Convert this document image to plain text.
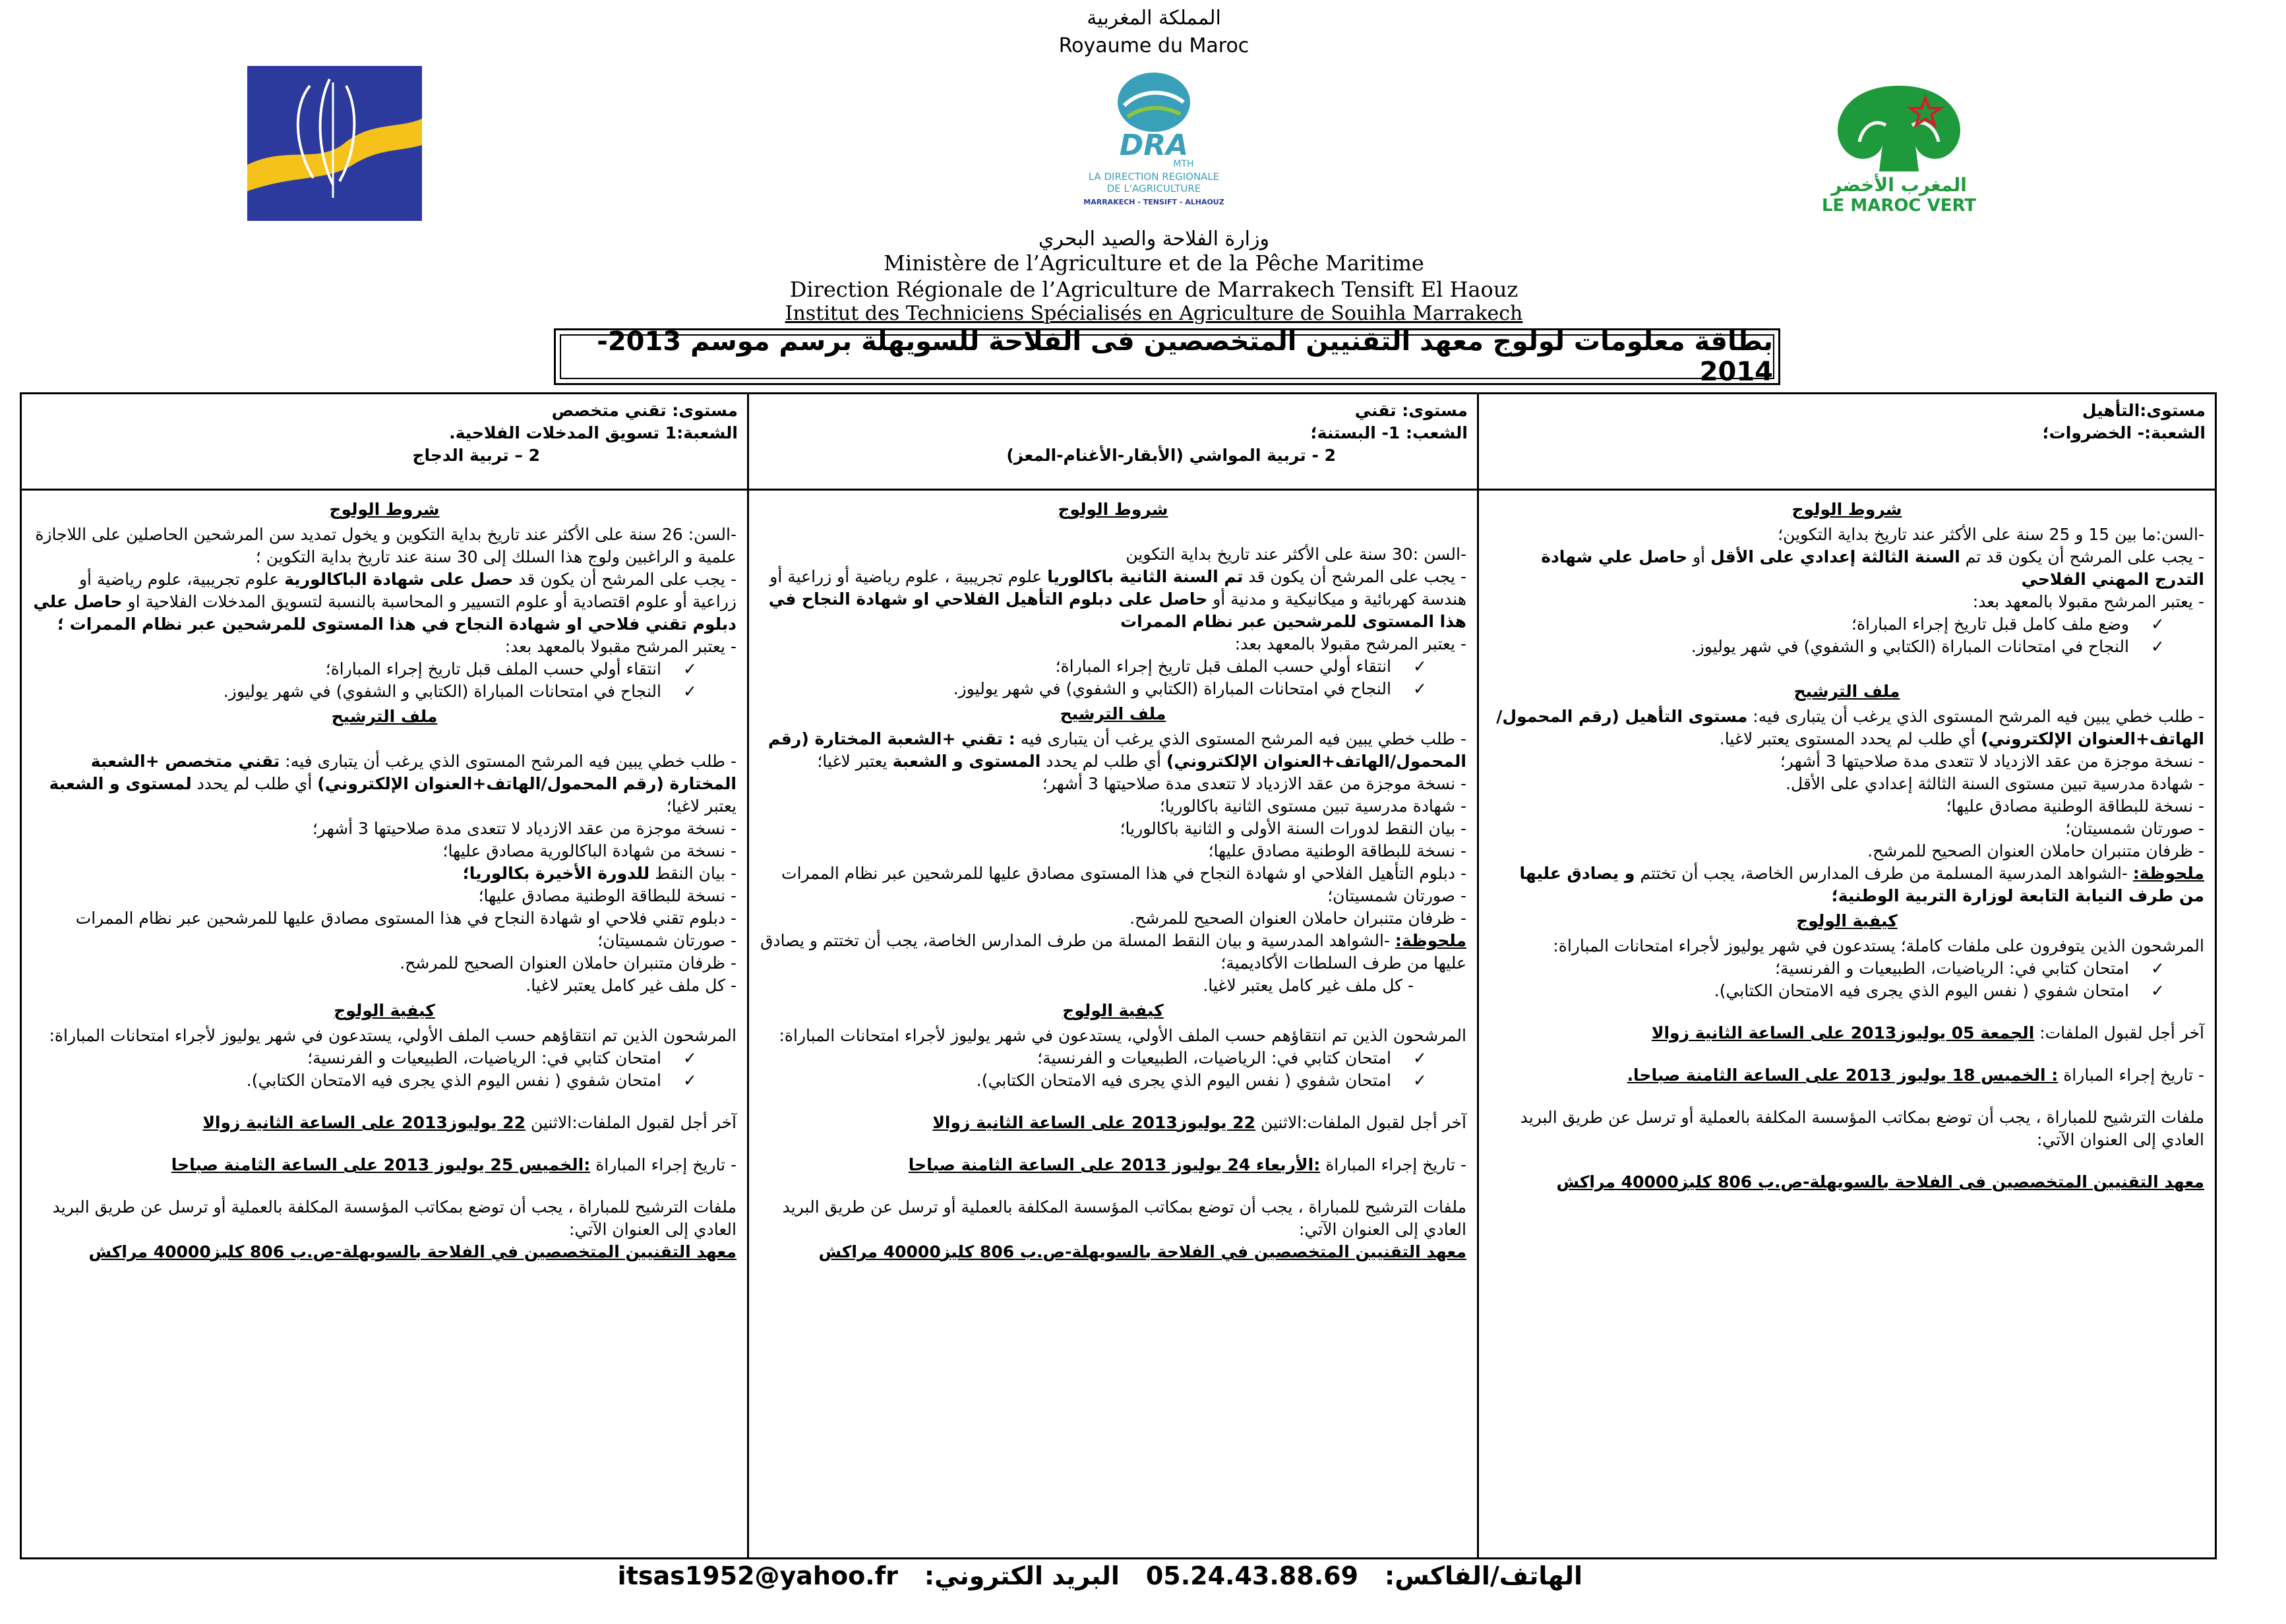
المملكة المغربية
Royaume du Maroc
DRA
MTH
LA DIRECTION REGIONALE
DE L'AGRICULTURE
MARRAKECH - TENSIFT - ALHAOUZ
المغرب الأخضر
LE MAROC VERT
وزارة الفلاحة والصيد البحري
Ministère de l’Agriculture et de la Pêche Maritime
Direction Régionale de l’Agriculture de Marrakech Tensift El Haouz
Institut des Techniciens Spécialisés en Agriculture de Souihla Marrakech
بطاقة معلومات لولوج معهد التقنيين المتخصصين فى الفلاحة للسويهلة برسم موسم 2013-2014
مستوى:التأهيل
الشعبة:- الخضروات؛
شروط الولوج

-السن:ما بين 15 و 25 سنة على الأكثر عند تاريخ بداية التكوين؛

- يجب على المرشح أن يكون قد تم السنة الثالثة إعدادي على الأقل أو حاصل علي شهادة التدرج المهني الفلاحي

- يعتبر المرشح مقبولا بالمعهد بعد:

✓ وضع ملف كامل قبل تاريخ إجراء المباراة؛

✓ النجاح في امتحانات المباراة (الكتابي و الشفوي) في شهر يوليوز.

ملف الترشيح

- طلب خطي يبين فيه المرشح المستوى الذي يرغب أن يتبارى فيه: مستوى التأهيل (رقم المحمول/الهاتف+العنوان الإلكتروني) أي طلب لم يحدد المستوى يعتبر لاغيا.

- نسخة موجزة من عقد الازدياد لا تتعدى مدة صلاحيتها 3 أشهر؛

- شهادة مدرسية تبين مستوى السنة الثالثة إعدادي على الأقل.

- نسخة للبطاقة الوطنية مصادق عليها؛

- صورتان شمسيتان؛

- ظرفان متنبران حاملان العنوان الصحيح للمرشح.

ملحوظة: -الشواهد المدرسية المسلمة من طرف المدارس الخاصة، يجب أن تختتم و يصادق عليها من طرف النيابة التابعة لوزارة التربية الوطنية؛

كيفية الولوج

المرشحون الذين يتوفرون على ملفات كاملة؛ يستدعون في شهر يوليوز لأجراء امتحانات المباراة:

✓ امتحان كتابي في: الرياضيات، الطبيعيات و الفرنسية؛

✓ امتحان شفوي ( نفس اليوم الذي يجرى فيه الامتحان الكتابي).

آخر أجل لقبول الملفات: الجمعة 05 يوليوز2013 على الساعة الثانية زوالا

- تاريخ إجراء المباراة : الخميس 18 يوليوز 2013 على الساعة الثامنة صباحا.

ملفات الترشيح للمباراة ، يجب أن توضع بمكاتب المؤسسة المكلفة بالعملية أو ترسل عن طريق البريد العادي إلى العنوان الآتي:

معهد التقنيين المتخصصين فى الفلاحة بالسويهلة-ص.ب 806 كليز40000 مراكش

مستوى: تقني
الشعب: 1- البستنة؛
2 - تربية المواشي (الأبقار-الأغنام-المعز)
شروط الولوج

-السن :30 سنة على الأكثر عند تاريخ بداية التكوين

- يجب على المرشح أن يكون قد تم السنة الثانية باكالوريا علوم تجريبية ، علوم رياضية أو زراعية أو هندسة كهربائية و ميكانيكية و مدنية أو حاصل على دبلوم التأهيل الفلاحي او شهادة النجاح في هذا المستوى للمرشحين عبر نظام الممرات

- يعتبر المرشح مقبولا بالمعهد بعد:

✓ انتقاء أولي حسب الملف قبل تاريخ إجراء المباراة؛

✓ النجاح في امتحانات المباراة (الكتابي و الشفوي) في شهر يوليوز.

ملف الترشيح

- طلب خطي يبين فيه المرشح المستوى الذي يرغب أن يتبارى فيه : تقني +الشعبة المختارة (رقم المحمول/الهاتف+العنوان الإلكتروني) أي طلب لم يحدد المستوى و الشعبة يعتبر لاغيا؛

- نسخة موجزة من عقد الازدياد لا تتعدى مدة صلاحيتها 3 أشهر؛

- شهادة مدرسية تبين مستوى الثانية باكالوريا؛

- بيان النقط لدورات السنة الأولى و الثانية باكالوريا؛

- نسخة للبطاقة الوطنية مصادق عليها؛

- دبلوم التأهيل الفلاحي او شهادة النجاح في هذا المستوى مصادق عليها للمرشحين عبر نظام الممرات

- صورتان شمسيتان؛

- ظرفان متنبران حاملان العنوان الصحيح للمرشح.

ملحوظة: -الشواهد المدرسية و بيان النقط المسلة من طرف المدارس الخاصة، يجب أن تختتم و يصادق عليها من طرف السلطات الأكاديمية؛

- كل ملف غير كامل يعتبر لاغيا.

كيفية الولوج

المرشحون الذين تم انتقاؤهم حسب الملف الأولي، يستدعون في شهر يوليوز لأجراء امتحانات المباراة:

✓ امتحان كتابي في: الرياضيات، الطبيعيات و الفرنسية؛

✓ امتحان شفوي ( نفس اليوم الذي يجرى فيه الامتحان الكتابي).

آخر أجل لقبول الملفات:الاثنين 22 يوليوز2013 على الساعة الثانية زوالا

- تاريخ إجراء المباراة :الأربعاء 24 يوليوز 2013 على الساعة الثامنة صباحا

ملفات الترشيح للمباراة ، يجب أن توضع بمكاتب المؤسسة المكلفة بالعملية أو ترسل عن طريق البريد العادي إلى العنوان الآتي:

معهد التقنيين المتخصصين في الفلاحة بالسويهلة-ص.ب 806 كليز40000 مراكش

مستوى: تقني متخصص
الشعبة:1 تسويق المدخلات الفلاحية.
2 – تربية الدجاج
شروط الولوج

-السن: 26 سنة على الأكثر عند تاريخ بداية التكوين و يخول تمديد سن المرشحين الحاصلين على اللاجازة علمية و الراغبين ولوج هذا السلك إلى 30 سنة عند تاريخ بداية التكوين ؛

- يجب على المرشح أن يكون قد حصل على شهادة الباكالورية علوم تجريبية، علوم رياضية أو زراعية أو علوم اقتصادية أو علوم التسيير و المحاسبة بالنسبة لتسويق المدخلات الفلاحية او حاصل علي دبلوم تقني فلاحي او شهادة النجاح في هذا المستوى للمرشحين عبر نظام الممرات ؛

- يعتبر المرشح مقبولا بالمعهد بعد:

✓ انتقاء أولي حسب الملف قبل تاريخ إجراء المباراة؛

✓ النجاح في امتحانات المباراة (الكتابي و الشفوي) في شهر يوليوز.

ملف الترشيح

- طلب خطي يبين فيه المرشح المستوى الذي يرغب أن يتبارى فيه: تقني متخصص +الشعبة المختارة (رقم المحمول/الهاتف+العنوان الإلكتروني) أي طلب لم يحدد لمستوى و الشعبة يعتبر لاغيا؛

- نسخة موجزة من عقد الازدياد لا تتعدى مدة صلاحيتها 3 أشهر؛

- نسخة من شهادة الباكالورية مصادق عليها؛

- بيان النقط للدورة الأخيرة بكالوريا؛

- نسخة للبطاقة الوطنية مصادق عليها؛

- دبلوم تقني فلاحي او شهادة النجاح في هذا المستوى مصادق عليها للمرشحين عبر نظام الممرات

- صورتان شمسيتان؛

- ظرفان متنبران حاملان العنوان الصحيح للمرشح.

- كل ملف غير كامل يعتبر لاغيا.

كيفية الولوج

المرشحون الذين تم انتقاؤهم حسب الملف الأولي، يستدعون في شهر يوليوز لأجراء امتحانات المباراة:

✓ امتحان كتابي في: الرياضيات، الطبيعيات و الفرنسية؛

✓ امتحان شفوي ( نفس اليوم الذي يجرى فيه الامتحان الكتابي).

آخر أجل لقبول الملفات:الاثنين 22 يوليوز2013 على الساعة الثانية زوالا

- تاريخ إجراء المباراة :الخميس 25 يوليوز 2013 على الساعة الثامنة صباحا

ملفات الترشيح للمباراة ، يجب أن توضع بمكاتب المؤسسة المكلفة بالعملية أو ترسل عن طريق البريد العادي إلى العنوان الآتي:

معهد التقنيين المتخصصين في الفلاحة بالسويهلة-ص.ب 806 كليز40000 مراكش

الهاتف/الفاكس:05.24.43.88.69البريد الكتروني:itsas1952@yahoo.fr
